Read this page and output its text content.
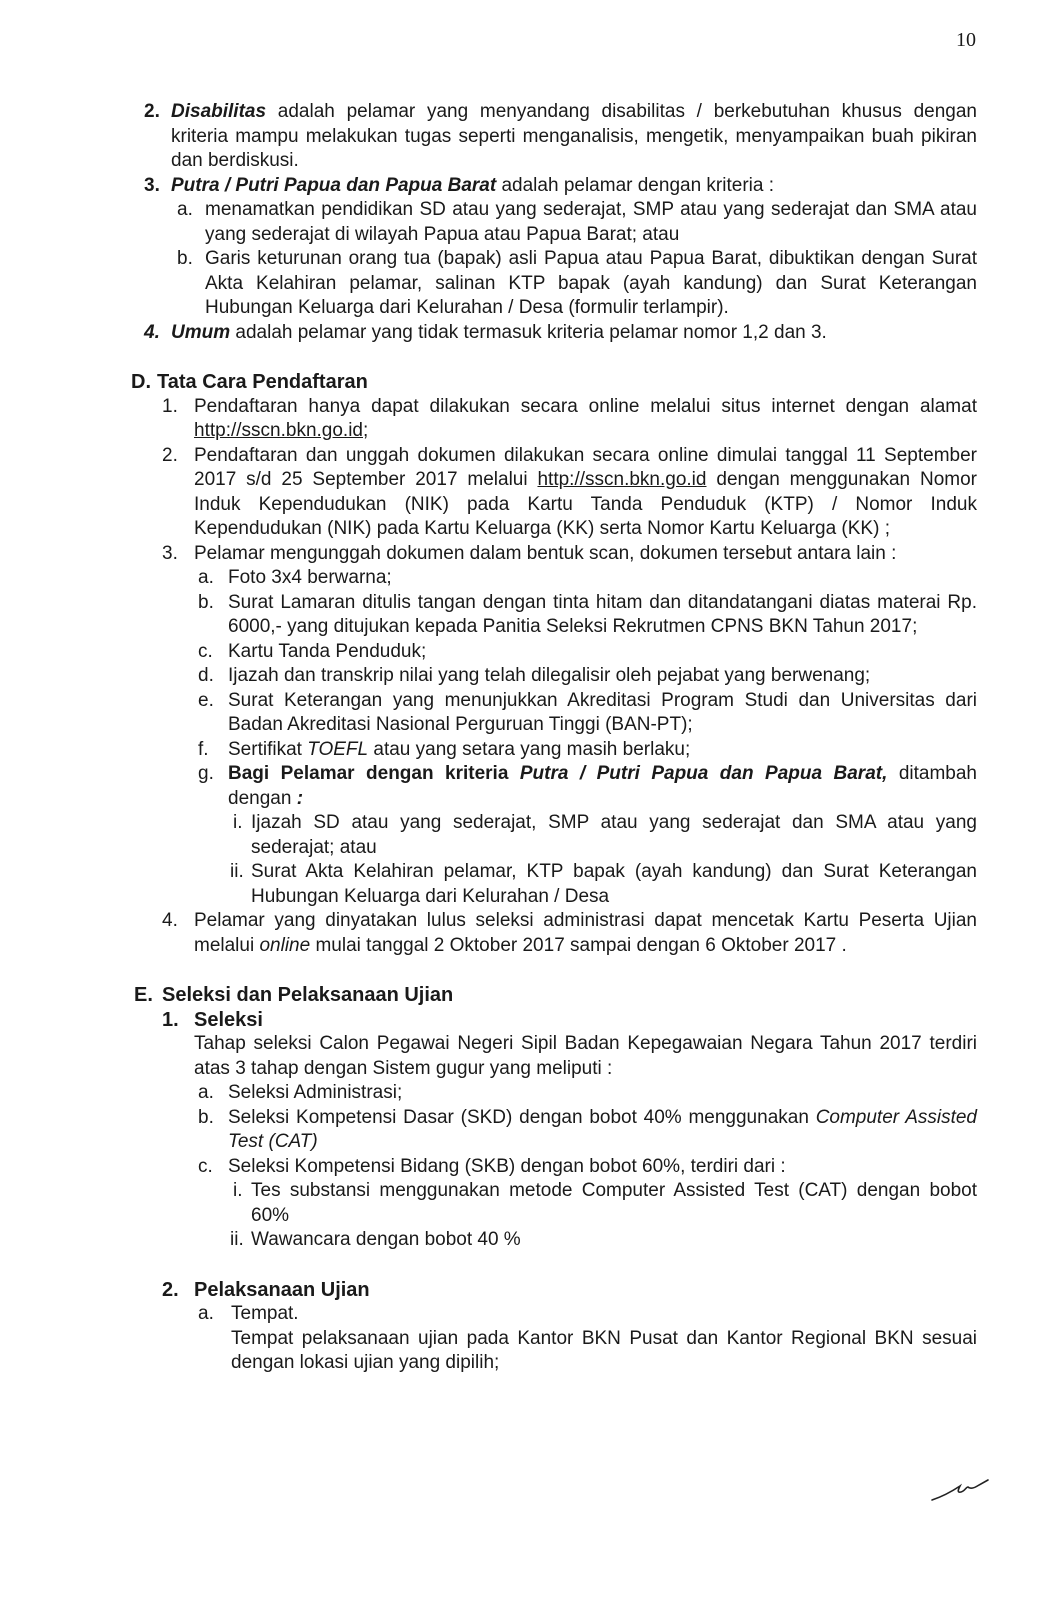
10
2. Disabilitas adalah pelamar yang menyandang disabilitas / berkebutuhan khusus dengan kriteria mampu melakukan tugas seperti menganalisis, mengetik, menyampaikan buah pikiran dan berdiskusi.
3. Putra / Putri Papua dan Papua Barat adalah pelamar dengan kriteria :
a. menamatkan pendidikan SD atau yang sederajat, SMP atau yang sederajat dan SMA atau yang sederajat di wilayah Papua atau Papua Barat; atau
b. Garis keturunan orang tua (bapak) asli Papua atau Papua Barat, dibuktikan dengan Surat Akta Kelahiran pelamar, salinan KTP bapak (ayah kandung) dan Surat Keterangan Hubungan Keluarga dari Kelurahan / Desa (formulir terlampir).
4. Umum adalah pelamar yang tidak termasuk kriteria pelamar nomor 1,2 dan 3.
D. Tata Cara Pendaftaran
1. Pendaftaran hanya dapat dilakukan secara online melalui situs internet dengan alamat http://sscn.bkn.go.id;
2. Pendaftaran dan unggah dokumen dilakukan secara online dimulai tanggal 11 September 2017 s/d 25 September 2017 melalui http://sscn.bkn.go.id dengan menggunakan Nomor Induk Kependudukan (NIK) pada Kartu Tanda Penduduk (KTP) / Nomor Induk Kependudukan (NIK) pada Kartu Keluarga (KK) serta Nomor Kartu Keluarga (KK) ;
3. Pelamar mengunggah dokumen dalam bentuk scan, dokumen tersebut antara lain :
a. Foto 3x4 berwarna;
b. Surat Lamaran ditulis tangan dengan tinta hitam dan ditandatangani diatas materai Rp. 6000,- yang ditujukan kepada Panitia Seleksi Rekrutmen CPNS BKN Tahun 2017;
c. Kartu Tanda Penduduk;
d. Ijazah dan transkrip nilai yang telah dilegalisir oleh pejabat yang berwenang;
e. Surat Keterangan yang menunjukkan Akreditasi Program Studi dan Universitas dari Badan Akreditasi Nasional Perguruan Tinggi (BAN-PT);
f. Sertifikat TOEFL atau yang setara yang masih berlaku;
g. Bagi Pelamar dengan kriteria Putra / Putri Papua dan Papua Barat, ditambah dengan :
i. Ijazah SD atau yang sederajat, SMP atau yang sederajat dan SMA atau yang sederajat; atau
ii. Surat Akta Kelahiran pelamar, KTP bapak (ayah kandung) dan Surat Keterangan Hubungan Keluarga dari Kelurahan / Desa
4. Pelamar yang dinyatakan lulus seleksi administrasi dapat mencetak Kartu Peserta Ujian melalui online mulai tanggal 2 Oktober 2017 sampai dengan 6 Oktober 2017 .
E. Seleksi dan Pelaksanaan Ujian
1. Seleksi
Tahap seleksi Calon Pegawai Negeri Sipil Badan Kepegawaian Negara Tahun 2017 terdiri atas 3 tahap dengan Sistem gugur yang meliputi :
a. Seleksi Administrasi;
b. Seleksi Kompetensi Dasar (SKD) dengan bobot 40% menggunakan Computer Assisted Test (CAT)
c. Seleksi Kompetensi Bidang (SKB) dengan bobot 60%, terdiri dari :
i. Tes substansi menggunakan metode Computer Assisted Test (CAT) dengan bobot 60%
ii. Wawancara dengan bobot 40 %
2. Pelaksanaan Ujian
a. Tempat.
Tempat pelaksanaan ujian pada Kantor BKN Pusat dan Kantor Regional BKN sesuai dengan lokasi ujian yang dipilih;
